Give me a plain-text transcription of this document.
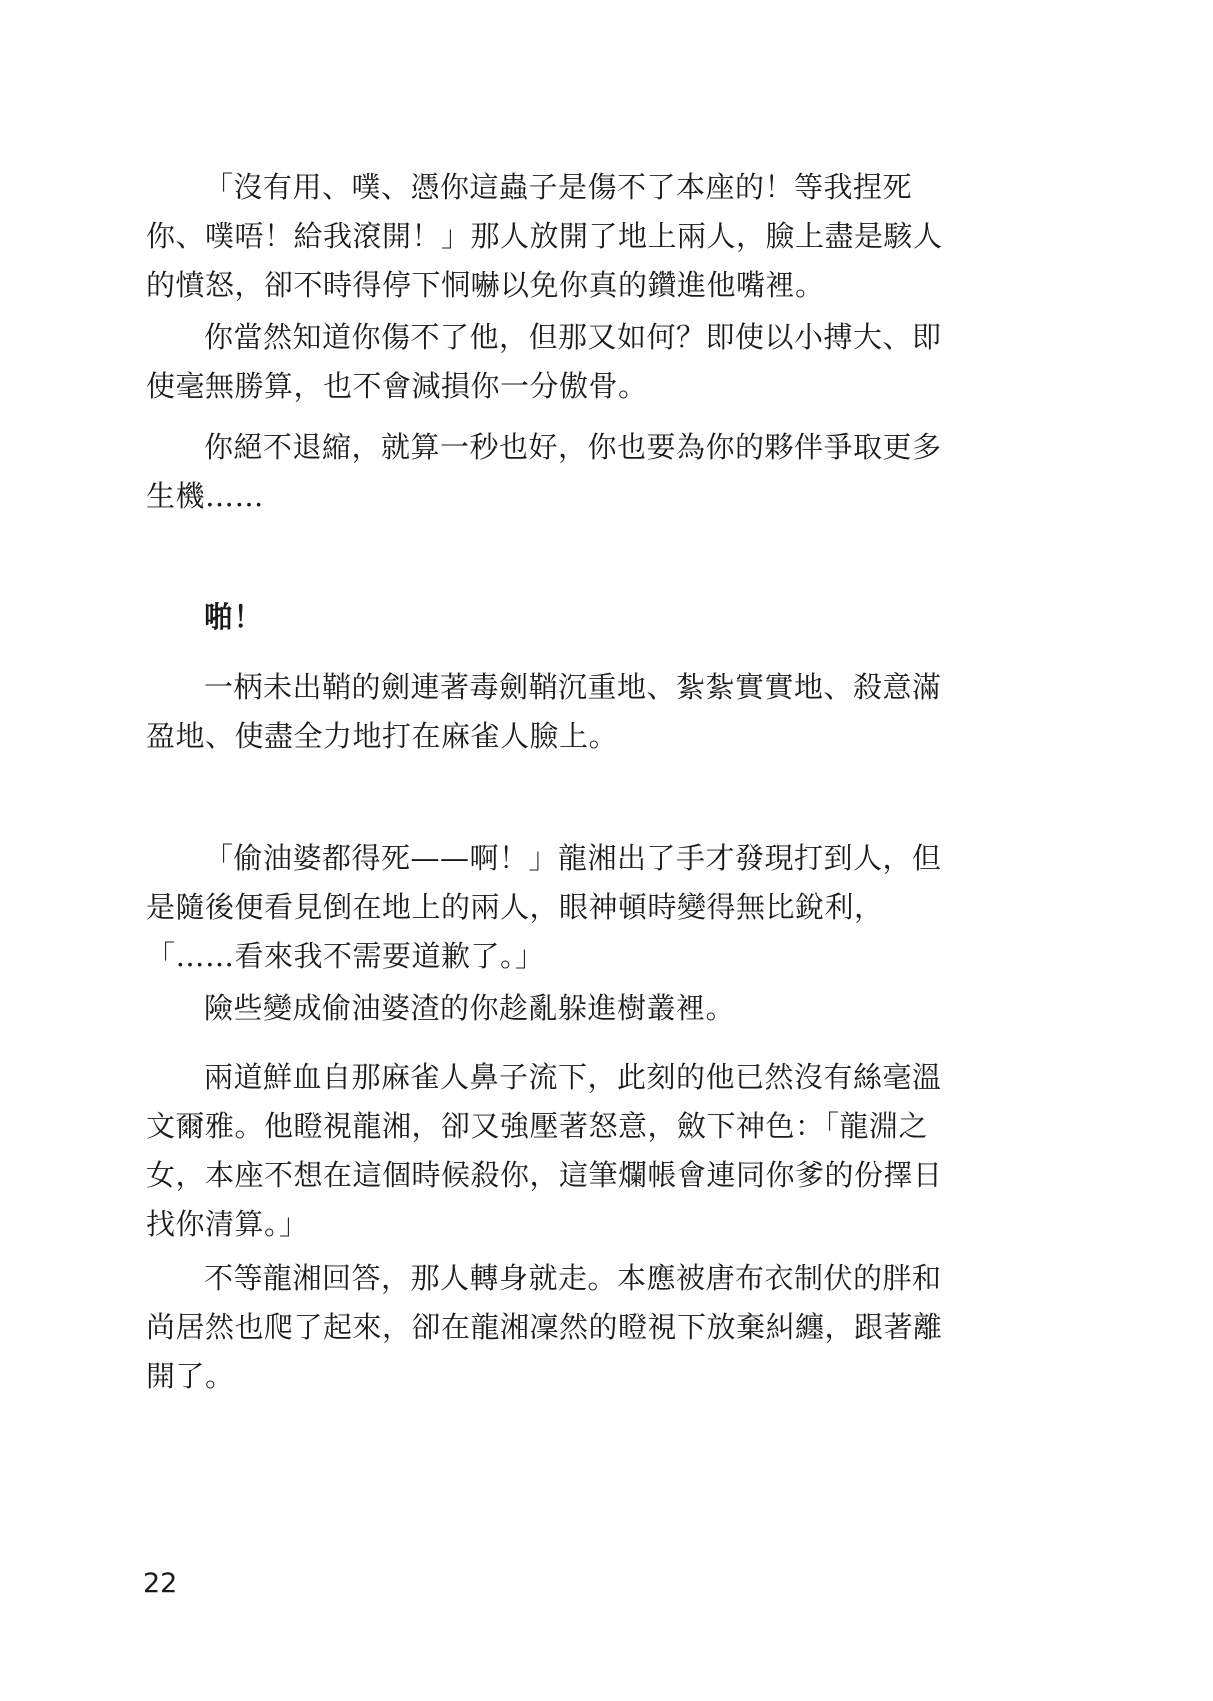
「沒有用、噗、憑你這蟲子是傷不了本座的！等我捏死你、噗唔！給我滾開！」那人放開了地上兩人，臉上盡是駭人的憤怒，卻不時得停下恫嚇以免你真的鑽進他嘴裡。

你當然知道你傷不了他，但那又如何？即使以小搏大、即使毫無勝算，也不會減損你一分傲骨。

你絕不退縮，就算一秒也好，你也要為你的夥伴爭取更多生機……

啪！

一柄未出鞘的劍連著毒劍鞘沉重地、紮紮實實地、殺意滿盈地、使盡全力地打在麻雀人臉上。

「偷油婆都得死——啊！」龍湘出了手才發現打到人，但是隨後便看見倒在地上的兩人，眼神頓時變得無比銳利，「……看來我不需要道歉了。」

險些變成偷油婆渣的你趁亂躲進樹叢裡。

兩道鮮血自那麻雀人鼻子流下，此刻的他已然沒有絲毫溫文爾雅。他瞪視龍湘，卻又強壓著怒意，斂下神色：「龍淵之女，本座不想在這個時候殺你，這筆爛帳會連同你爹的份擇日找你清算。」

不等龍湘回答，那人轉身就走。本應被唐布衣制伏的胖和尚居然也爬了起來，卻在龍湘凜然的瞪視下放棄糾纏，跟著離開了。

22
